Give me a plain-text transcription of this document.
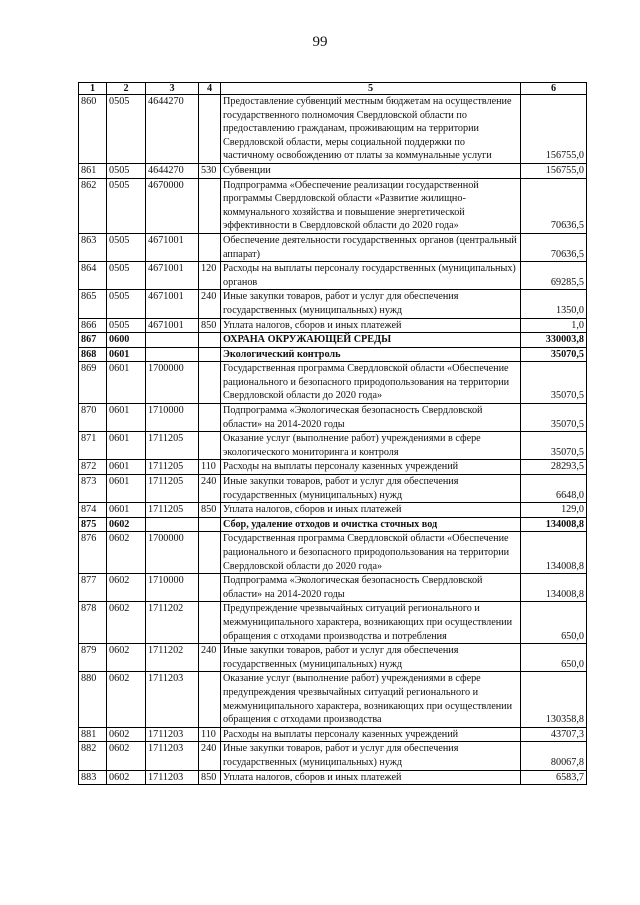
99
1	2	3	4	5	6
860	0505	4644270		Предоставление субвенций местным бюджетам на осуществление государственного полномочия Свердловской области по предоставлению гражданам, проживающим на территории Свердловской области, меры социальной поддержки по частичному освобождению от платы за коммунальные услуги	156755,0
861	0505	4644270	530	Субвенции	156755,0
862	0505	4670000		Подпрограмма «Обеспечение реализации государственной программы Свердловской области «Развитие жилищно-коммунального хозяйства и повышение энергетической эффективности в Свердловской области до 2020 года»	70636,5
863	0505	4671001		Обеспечение деятельности государственных органов (центральный аппарат)	70636,5
864	0505	4671001	120	Расходы на выплаты персоналу государственных (муниципальных) органов	69285,5
865	0505	4671001	240	Иные закупки товаров, работ и услуг для обеспечения государственных (муниципальных) нужд	1350,0
866	0505	4671001	850	Уплата налогов, сборов и иных платежей	1,0
867	0600			ОХРАНА ОКРУЖАЮЩЕЙ СРЕДЫ	330003,8
868	0601			Экологический контроль	35070,5
869	0601	1700000		Государственная программа Свердловской области «Обеспечение рационального и безопасного природопользования на территории Свердловской области до 2020 года»	35070,5
870	0601	1710000		Подпрограмма «Экологическая безопасность Свердловской области» на 2014-2020 годы	35070,5
871	0601	1711205		Оказание услуг (выполнение работ) учреждениями в сфере экологического мониторинга и контроля	35070,5
872	0601	1711205	110	Расходы на выплаты персоналу казенных учреждений	28293,5
873	0601	1711205	240	Иные закупки товаров, работ и услуг для обеспечения государственных (муниципальных) нужд	6648,0
874	0601	1711205	850	Уплата налогов, сборов и иных платежей	129,0
875	0602			Сбор, удаление отходов и очистка сточных вод	134008,8
876	0602	1700000		Государственная программа Свердловской области «Обеспечение рационального и безопасного природопользования на территории Свердловской области до 2020 года»	134008,8
877	0602	1710000		Подпрограмма «Экологическая безопасность Свердловской области» на 2014-2020 годы	134008,8
878	0602	1711202		Предупреждение чрезвычайных ситуаций регионального и межмуниципального характера, возникающих при осуществлении обращения с отходами производства и потребления	650,0
879	0602	1711202	240	Иные закупки товаров, работ и услуг для обеспечения государственных (муниципальных) нужд	650,0
880	0602	1711203		Оказание услуг (выполнение работ) учреждениями в сфере предупреждения чрезвычайных ситуаций регионального и межмуниципального характера, возникающих при осуществлении обращения с отходами производства	130358,8
881	0602	1711203	110	Расходы на выплаты персоналу казенных учреждений	43707,3
882	0602	1711203	240	Иные закупки товаров, работ и услуг для обеспечения государственных (муниципальных) нужд	80067,8
883	0602	1711203	850	Уплата налогов, сборов и иных платежей	6583,7
